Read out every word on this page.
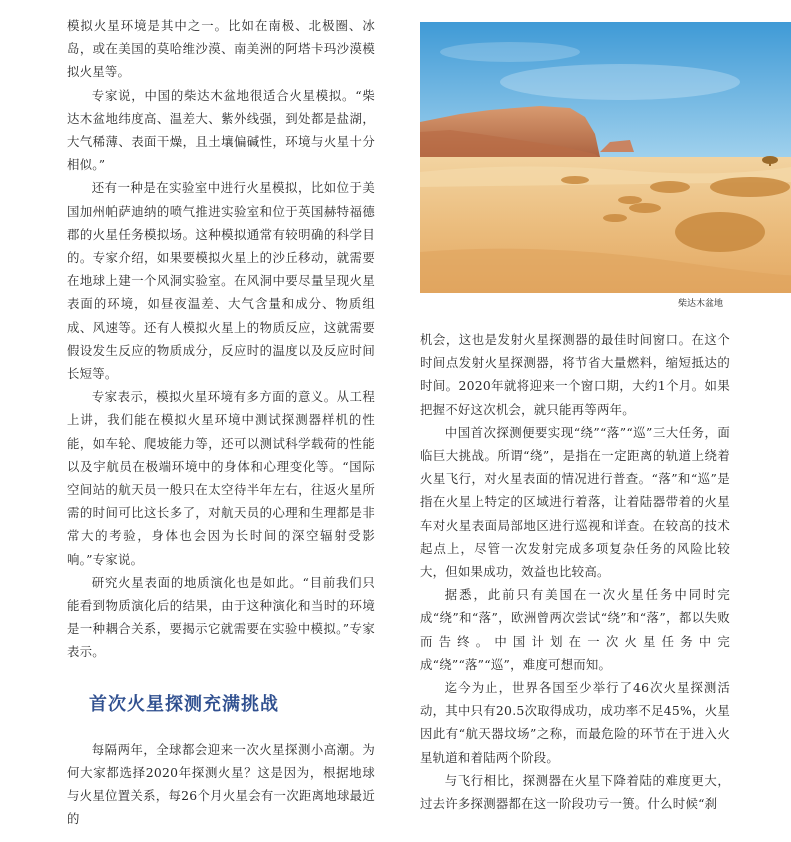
模拟火星环境是其中之一。比如在南极、北极圈、冰岛，或在美国的莫哈维沙漠、南美洲的阿塔卡玛沙漠模拟火星等。

专家说，中国的柴达木盆地很适合火星模拟。“柴达木盆地纬度高、温差大、紫外线强，到处都是盐湖，大气稀薄、表面干燥，且土壤偏碱性，环境与火星十分相似。”

还有一种是在实验室中进行火星模拟，比如位于美国加州帕萨迪纳的喷气推进实验室和位于英国赫特福德郡的火星任务模拟场。这种模拟通常有较明确的科学目的。专家介绍，如果要模拟火星上的沙丘移动，就需要在地球上建一个风洞实验室。在风洞中要尽量呈现火星表面的环境，如昼夜温差、大气含量和成分、物质组成、风速等。还有人模拟火星上的物质反应，这就需要假设发生反应的物质成分，反应时的温度以及反应时间长短等。

专家表示，模拟火星环境有多方面的意义。从工程上讲，我们能在模拟火星环境中测试探测器样机的性能，如车轮、爬坡能力等，还可以测试科学载荷的性能以及宇航员在极端环境中的身体和心理变化等。“国际空间站的航天员一般只在太空待半年左右，往返火星所需的时间可比这长多了，对航天员的心理和生理都是非常大的考验，身体也会因为长时间的深空辐射受影响。”专家说。

研究火星表面的地质演化也是如此。“目前我们只能看到物质演化后的结果，由于这种演化和当时的环境是一种耦合关系，要揭示它就需要在实验中模拟。”专家表示。

首次火星探测充满挑战

每隔两年，全球都会迎来一次火星探测小高潮。为何大家都选择2020年探测火星？这是因为，根据地球与火星位置关系，每26个月火星会有一次距离地球最近的

柴达木盆地

机会，这也是发射火星探测器的最佳时间窗口。在这个时间点发射火星探测器，将节省大量燃料，缩短抵达的时间。2020年就将迎来一个窗口期，大约1个月。如果把握不好这次机会，就只能再等两年。

中国首次探测便要实现“绕”“落”“巡”三大任务，面临巨大挑战。所谓“绕”，是指在一定距离的轨道上绕着火星飞行，对火星表面的情况进行普查。“落”和“巡”是指在火星上特定的区域进行着落，让着陆器带着的火星车对火星表面局部地区进行巡视和详查。在较高的技术起点上，尽管一次发射完成多项复杂任务的风险比较大，但如果成功，效益也比较高。

据悉，此前只有美国在一次火星任务中同时完成“绕”和“落”，欧洲曾两次尝试“绕”和“落”，都以失败而告终。中国计划在一次火星任务中完成“绕”“落”“巡”，难度可想而知。

迄今为止，世界各国至少举行了46次火星探测活动，其中只有20.5次取得成功，成功率不足45%，火星因此有“航天器坟场”之称，而最危险的环节在于进入火星轨道和着陆两个阶段。

与飞行相比，探测器在火星下降着陆的难度更大，过去许多探测器都在这一阶段功亏一篑。什么时候“刹
